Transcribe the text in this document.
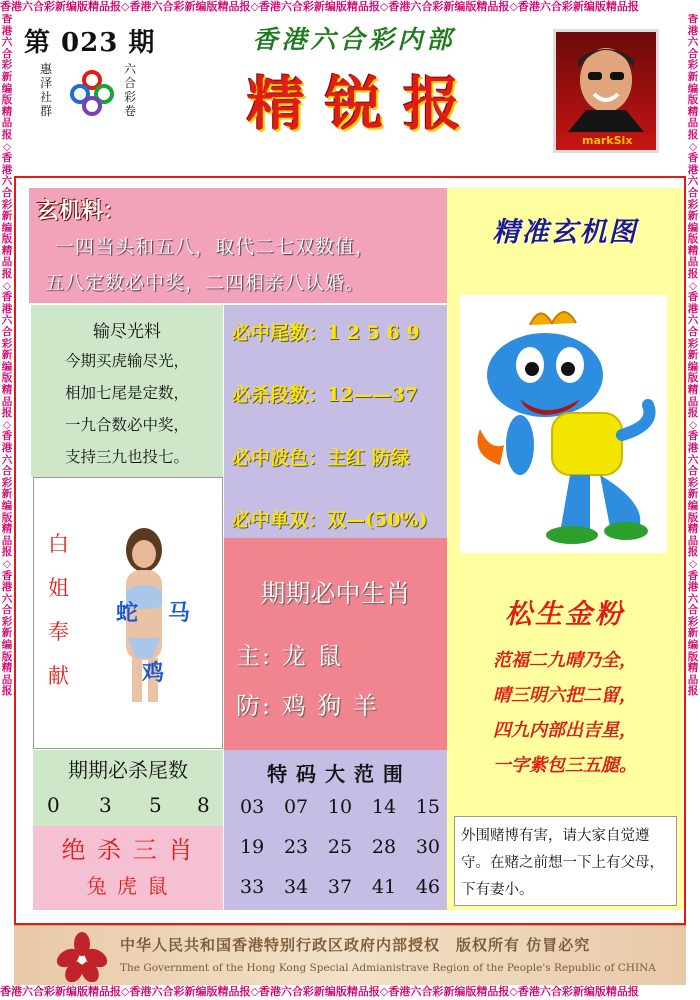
香港六合彩新编版精品报◇香港六合彩新编版精品报◇香港六合彩新编版精品报◇香港六合彩新编版精品报◇香港六合彩新编版精品报
香港六合彩新编版精品报◇香港六合彩新编版精品报◇香港六合彩新编版精品报◇香港六合彩新编版精品报◇香港六合彩新编版精品报
香港六合彩新编版精品报◇香港六合彩新编版精品报◇香港六合彩新编版精品报◇香港六合彩新编版精品报◇香港六合彩新编版精品报
香港六合彩新编版精品报◇香港六合彩新编版精品报◇香港六合彩新编版精品报◇香港六合彩新编版精品报◇香港六合彩新编版精品报
第 023 期
惠泽社群
六合彩卷
香港六合彩内部
精 锐 报
markSix
玄机料：
一四当头和五八，取代二七双数值，
五八定数必中奖，二四相亲八认婚。
输尽光料
今期买虎输尽光，
相加七尾是定数，
一九合数必中奖，
支持三九也投七。
必中尾数：1 2 5 6 9
必杀段数：12——37
必中波色：主红 防绿
必中单双：双—(50%)
白
姐
奉
献
蛇 马
鸡
期期必中生肖
主: 龙 鼠
防: 鸡 狗 羊
期期必杀尾数
0 3 5 8
绝 杀 三 肖
兔 虎 鼠
特 码 大 范 围
03 07 10 14 15
19 23 25 28 30
33 34 37 41 46
精准玄机图
松生金粉
范福二九晴乃全，
晴三明六把二留，
四九内部出吉星，
一字紫包三五腿。
外围赌博有害，请大家自觉遵守。在赌之前想一下上有父母，下有妻小。
中华人民共和国香港特别行政区政府内部授权　版权所有 仿冒必究
The Government of the Hong Kong Special Admianistrave Region of the People's Republic of CHINA
